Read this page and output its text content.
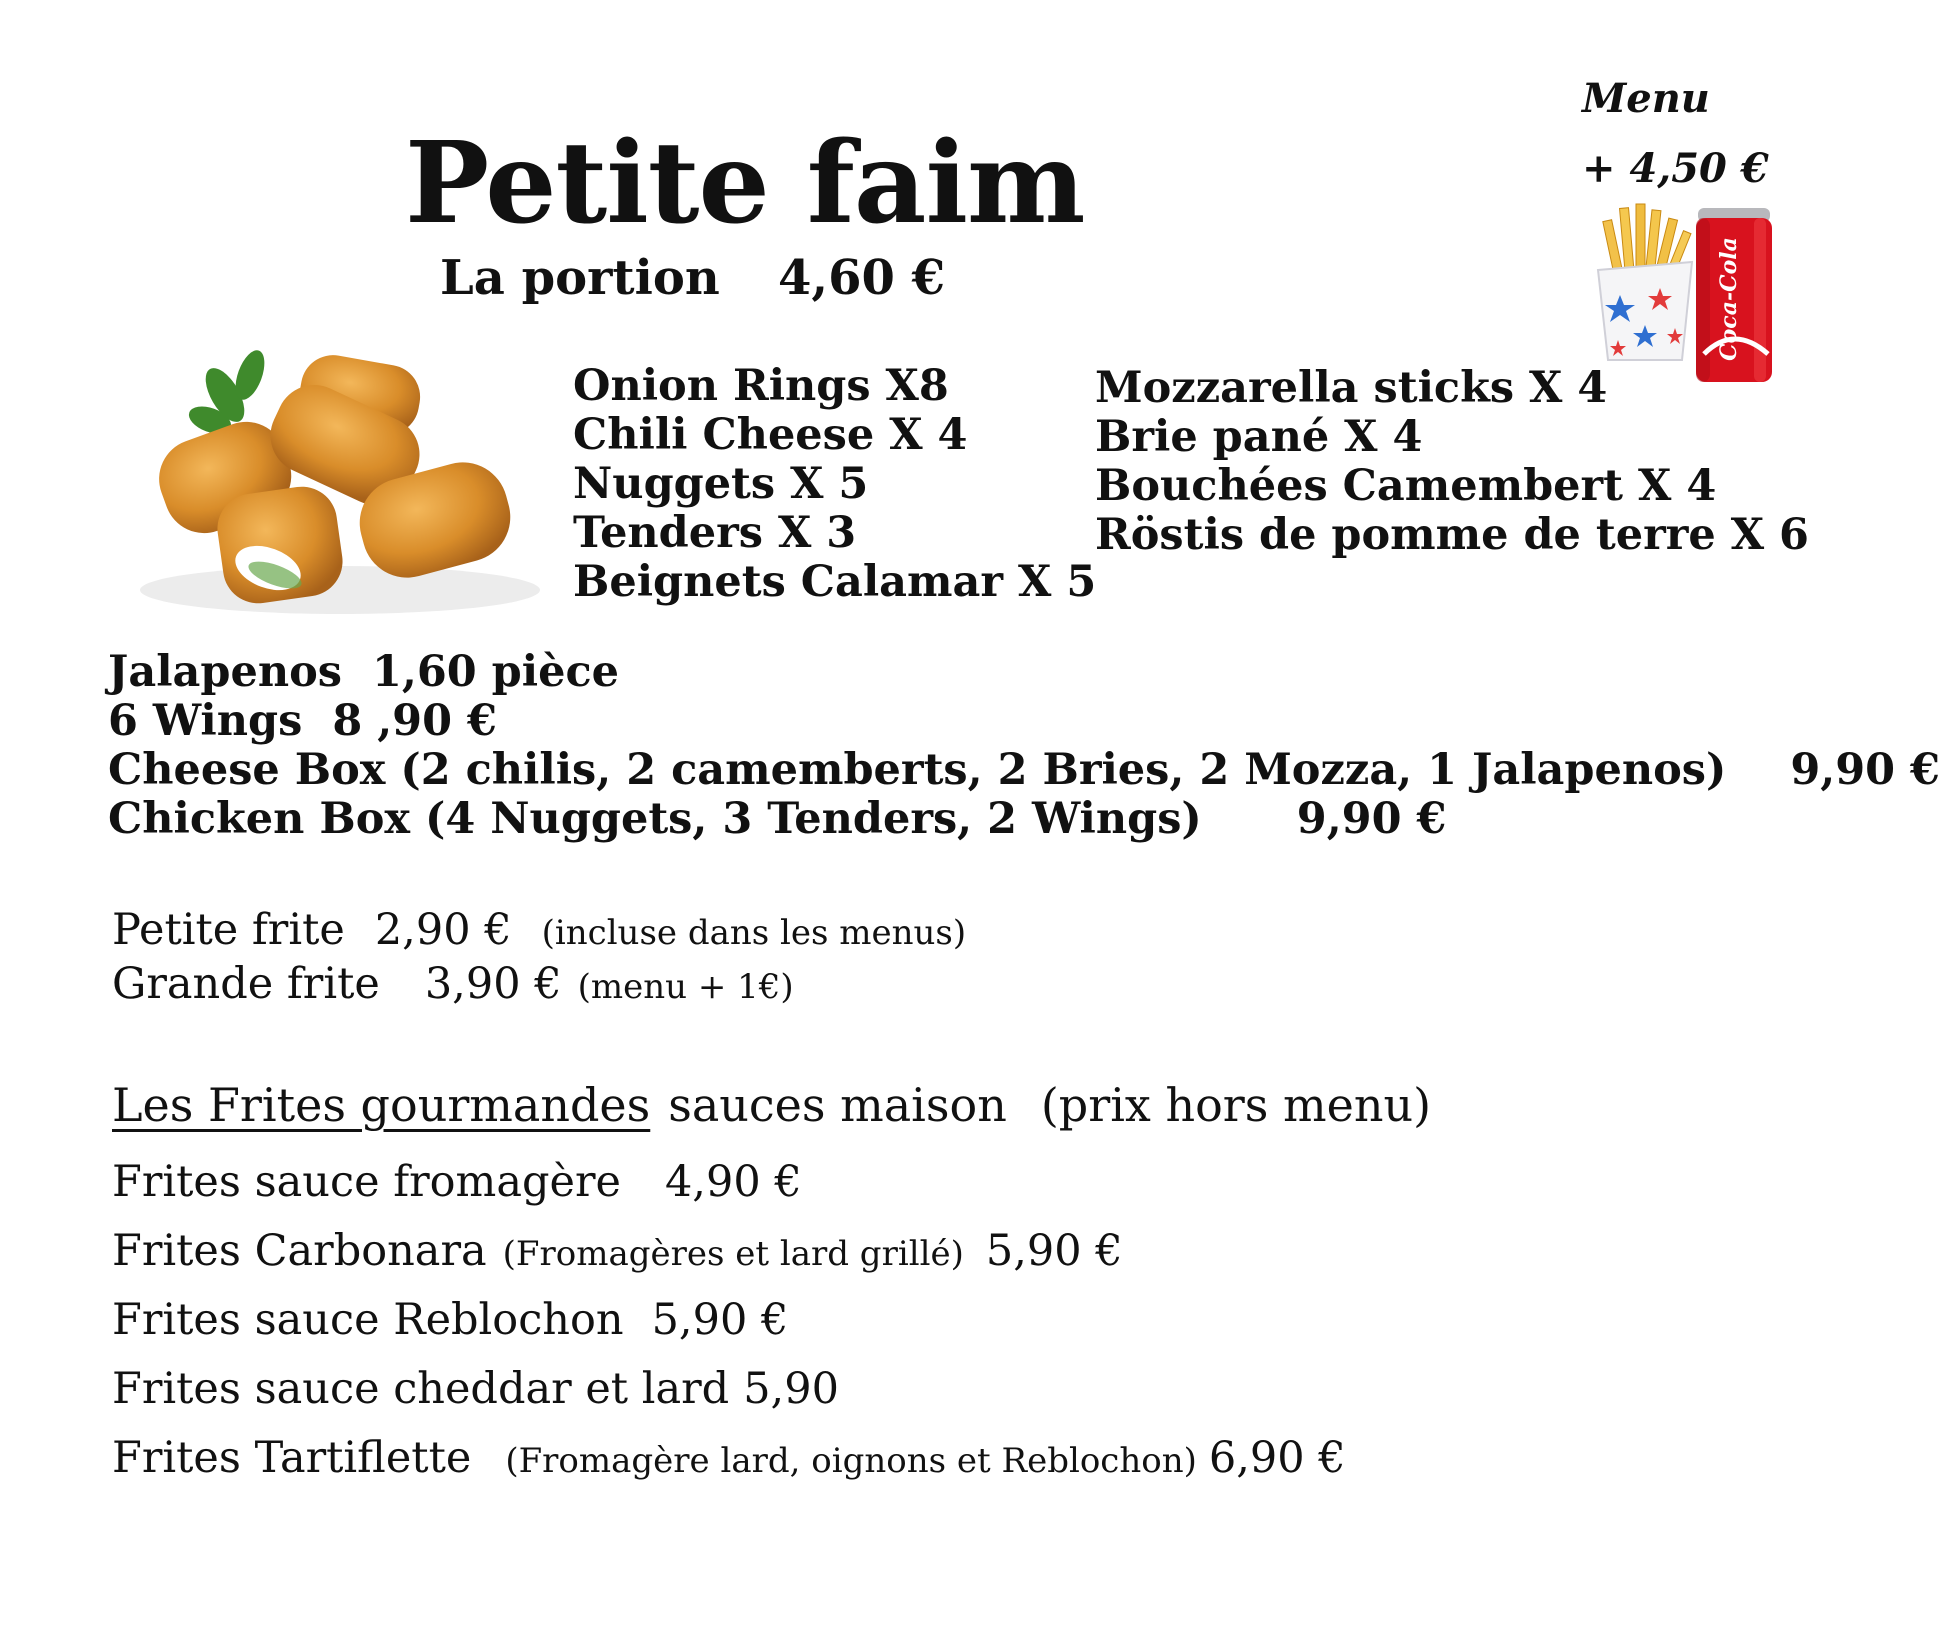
Petite faim
La portion 4,60 €
Menu
+ 4,50 €
Coca-Cola
Onion Rings X8
Chili Cheese X 4
Nuggets X 5
Tenders X 3
Beignets Calamar X 5
Mozzarella sticks X 4
Brie pané X 4
Bouchées Camembert X 4
Röstis de pomme de terre X 6
Jalapenos 1,60 pièce
6 Wings 8 ,90 €
Cheese Box (2 chilis, 2 camemberts, 2 Bries, 2 Mozza, 1 Jalapenos) 9,90 €
Chicken Box (4 Nuggets, 3 Tenders, 2 Wings) 9,90 €
Petite frite 2,90 € (incluse dans les menus)
Grande frite 3,90 € (menu + 1€)
Les Frites gourmandes sauces maison (prix hors menu)
Frites sauce fromagère 4,90 €
Frites Carbonara (Fromagères et lard grillé) 5,90 €
Frites sauce Reblochon 5,90 €
Frites sauce cheddar et lard 5,90
Frites Tartiflette (Fromagère lard, oignons et Reblochon) 6,90 €
